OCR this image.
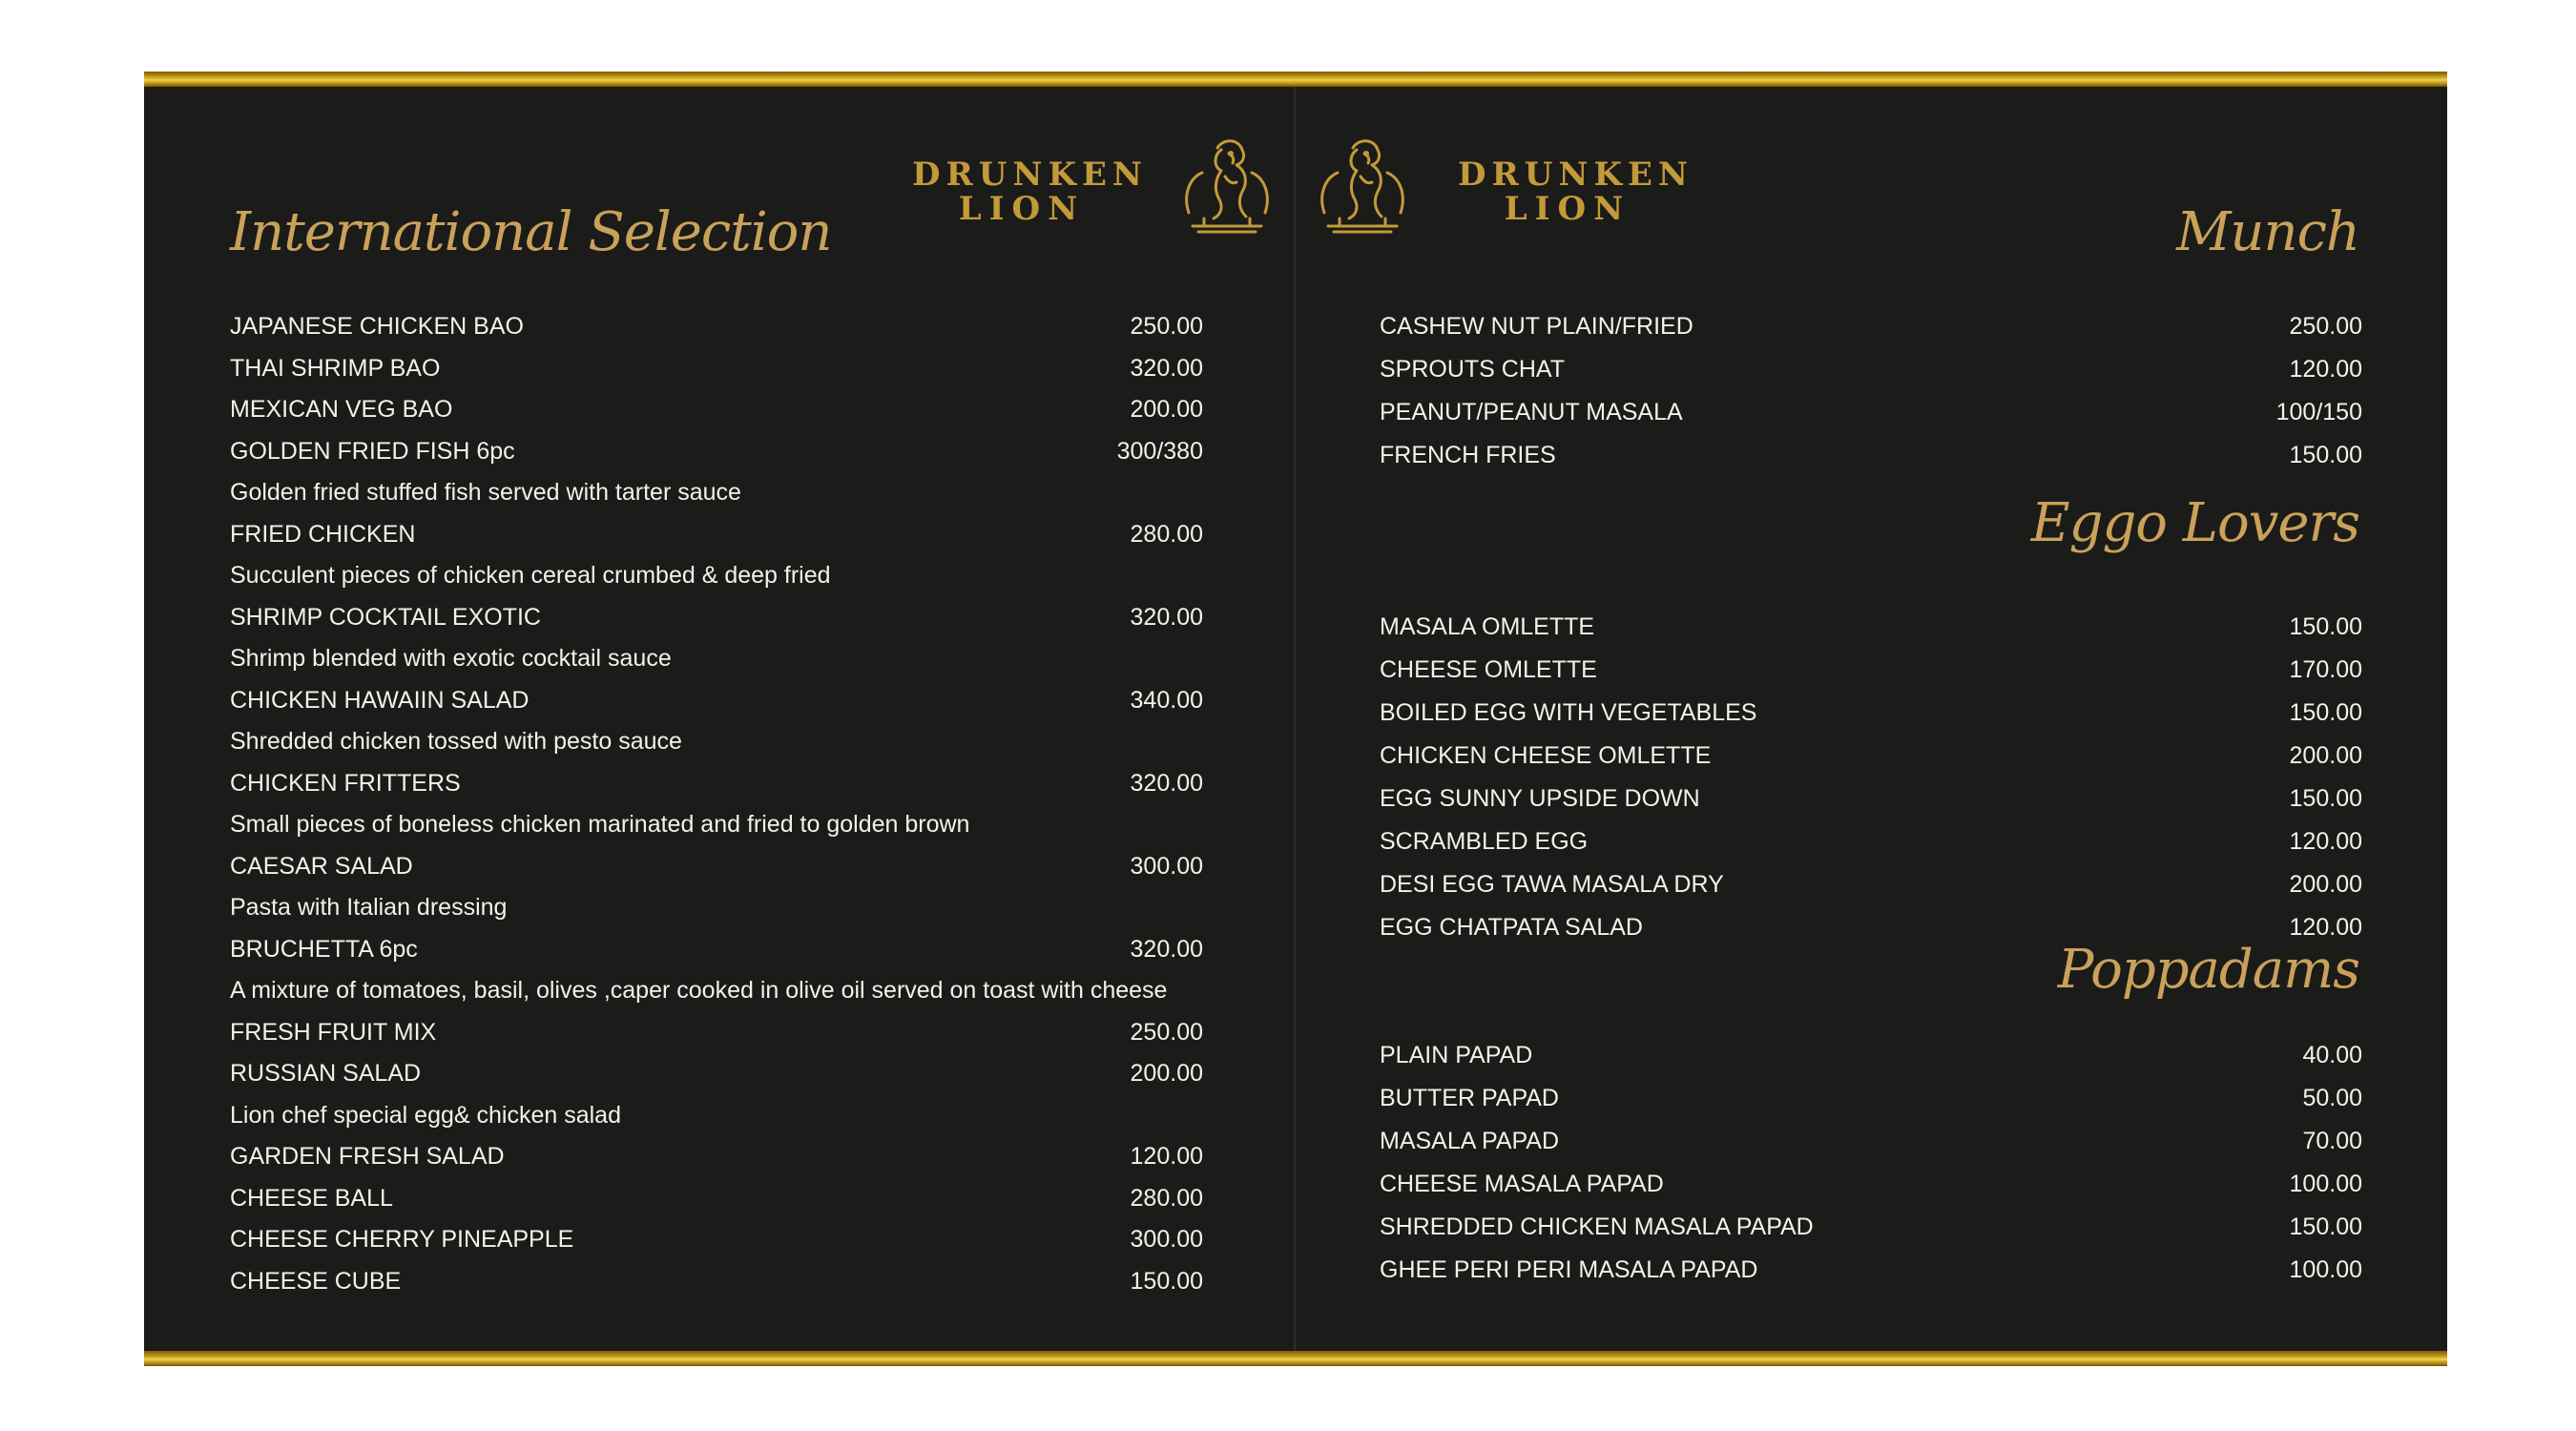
DRUNKEN
LION
International Selection
JAPANESE CHICKEN BAO	250.00
THAI SHRIMP BAO	320.00
MEXICAN VEG BAO	200.00
GOLDEN FRIED FISH 6pc	300/380
Golden fried stuffed fish served with tarter sauce
FRIED CHICKEN	280.00
Succulent pieces of chicken cereal crumbed & deep fried
SHRIMP COCKTAIL EXOTIC	320.00
Shrimp blended with exotic cocktail sauce
CHICKEN HAWAIIN SALAD	340.00
Shredded chicken tossed with pesto sauce
CHICKEN FRITTERS	320.00
Small pieces of boneless chicken marinated and fried to golden brown
CAESAR SALAD	300.00
Pasta with Italian dressing
BRUCHETTA 6pc	320.00
A mixture of tomatoes, basil, olives ,caper cooked in olive oil served on toast with cheese
FRESH FRUIT MIX	250.00
RUSSIAN SALAD	200.00
Lion chef special egg& chicken salad
GARDEN FRESH SALAD	120.00
CHEESE BALL	280.00
CHEESE CHERRY PINEAPPLE	300.00
CHEESE CUBE	150.00
DRUNKEN
LION	Munch
CASHEW NUT PLAIN/FRIED	250.00
SPROUTS CHAT	120.00
PEANUT/PEANUT MASALA	100/150
FRENCH FRIES	150.00
Eggo Lovers
MASALA OMLETTE	150.00
CHEESE OMLETTE	170.00
BOILED EGG WITH VEGETABLES	150.00
CHICKEN CHEESE OMLETTE	200.00
EGG SUNNY UPSIDE DOWN	150.00
SCRAMBLED EGG	120.00
DESI EGG TAWA MASALA DRY	200.00
EGG CHATPATA SALAD	120.00
Poppadams
PLAIN PAPAD	40.00
BUTTER PAPAD	50.00
MASALA PAPAD	70.00
CHEESE MASALA PAPAD	100.00
SHREDDED CHICKEN MASALA PAPAD	150.00
GHEE PERI PERI MASALA PAPAD	100.00
